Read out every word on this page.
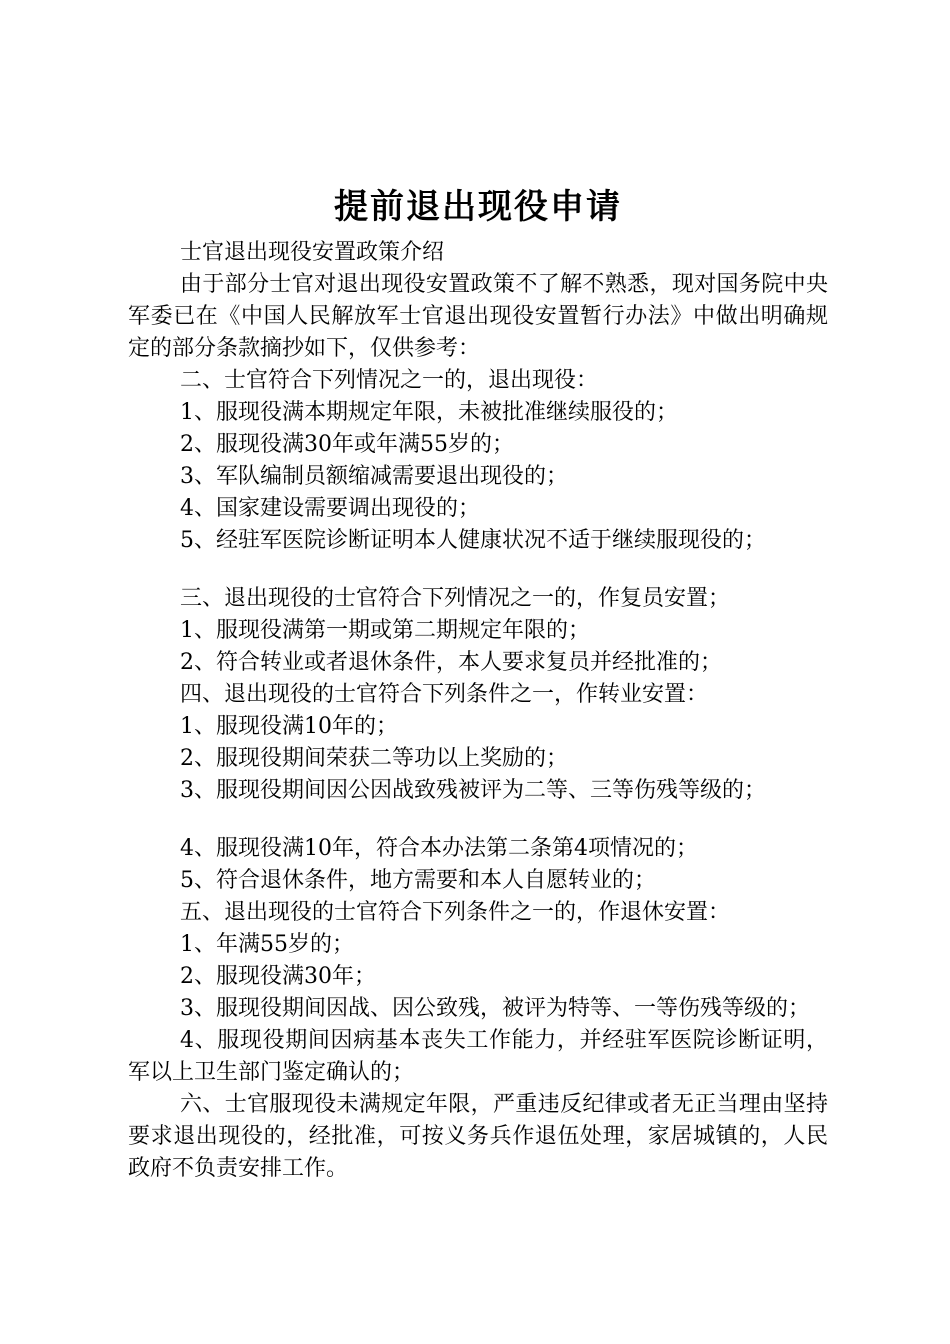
提前退出现役申请

士官退出现役安置政策介绍

由于部分士官对退出现役安置政策不了解不熟悉，现对国务院中央军委已在《中国人民解放军士官退出现役安置暂行办法》中做出明确规定的部分条款摘抄如下，仅供参考：

二、士官符合下列情况之一的，退出现役：

1、服现役满本期规定年限，未被批准继续服役的；

2、服现役满30年或年满55岁的；

3、军队编制员额缩减需要退出现役的；

4、国家建设需要调出现役的；

5、经驻军医院诊断证明本人健康状况不适于继续服现役的；

三、退出现役的士官符合下列情况之一的，作复员安置；

1、服现役满第一期或第二期规定年限的；

2、符合转业或者退休条件，本人要求复员并经批准的；

四、退出现役的士官符合下列条件之一，作转业安置：

1、服现役满10年的；

2、服现役期间荣获二等功以上奖励的；

3、服现役期间因公因战致残被评为二等、三等伤残等级的；

4、服现役满10年，符合本办法第二条第4项情况的；

5、符合退休条件，地方需要和本人自愿转业的；

五、退出现役的士官符合下列条件之一的，作退休安置：

1、年满55岁的；

2、服现役满30年；

3、服现役期间因战、因公致残，被评为特等、一等伤残等级的；

4、服现役期间因病基本丧失工作能力，并经驻军医院诊断证明，军以上卫生部门鉴定确认的；

六、士官服现役未满规定年限，严重违反纪律或者无正当理由坚持要求退出现役的，经批准，可按义务兵作退伍处理，家居城镇的，人民政府不负责安排工作。
